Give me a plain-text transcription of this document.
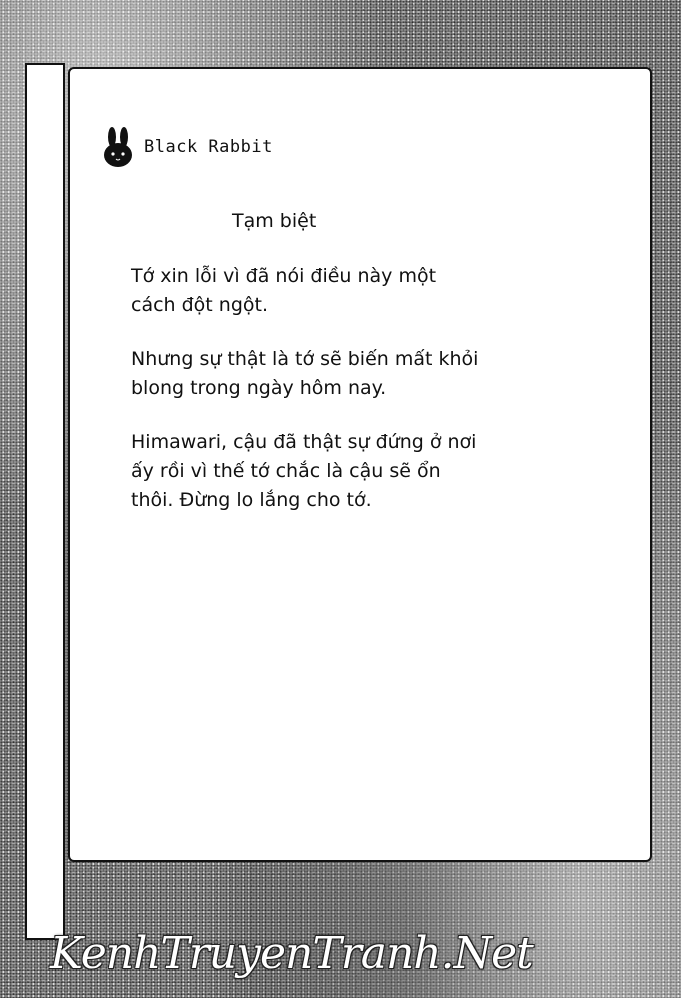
Black Rabbit
Tạm biệt

Tớ xin lỗi vì đã nói điều này một cách đột ngột.

Nhưng sự thật là tớ sẽ biến mất khỏi blong trong ngày hôm nay.

Himawari, cậu đã thật sự đứng ở nơi ấy rồi vì thế tớ chắc là cậu sẽ ổn thôi. Đừng lo lắng cho tớ.

KenhTruyenTranh.Net
